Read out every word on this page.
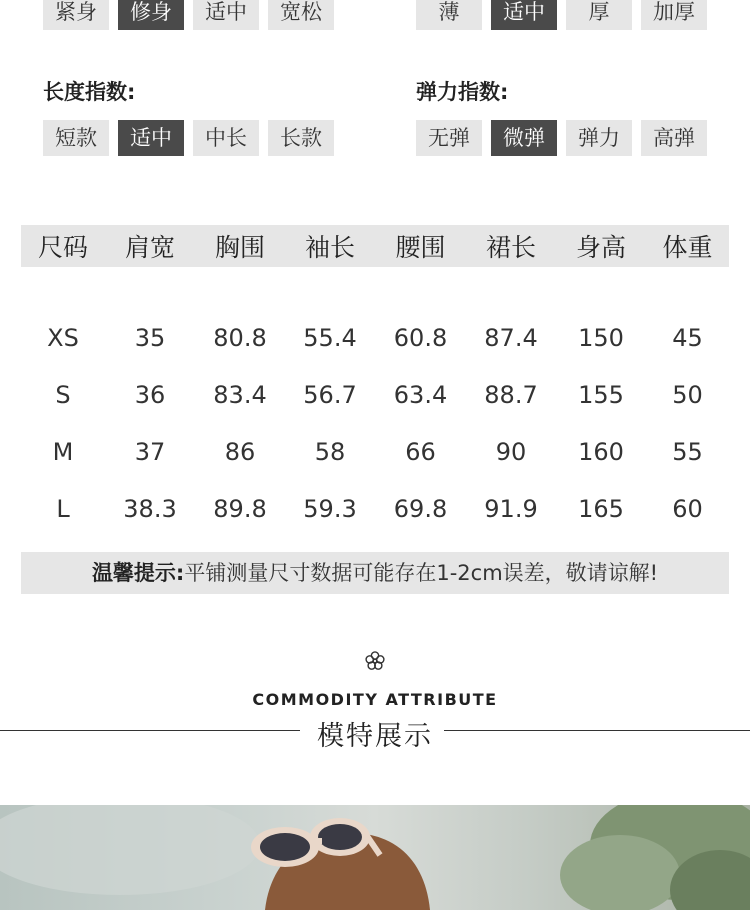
紧身	修身	适中	宽松	薄	适中	厚	加厚
长度指数:
短款	适中	中长	长款
弹力指数:
无弹	微弹	弹力	高弹
尺码	肩宽	胸围	袖长	腰围	裙长	身高	体重
XS	35	80.8	55.4	60.8	87.4	150	45
S	36	83.4	56.7	63.4	88.7	155	50
M	37	86	58	66	90	160	55
L	38.3	89.8	59.3	69.8	91.9	165	60
温馨提示:平铺测量尺寸数据可能存在1-2cm误差，敬请谅解!
COMMODITY ATTRIBUTE
模特展示
